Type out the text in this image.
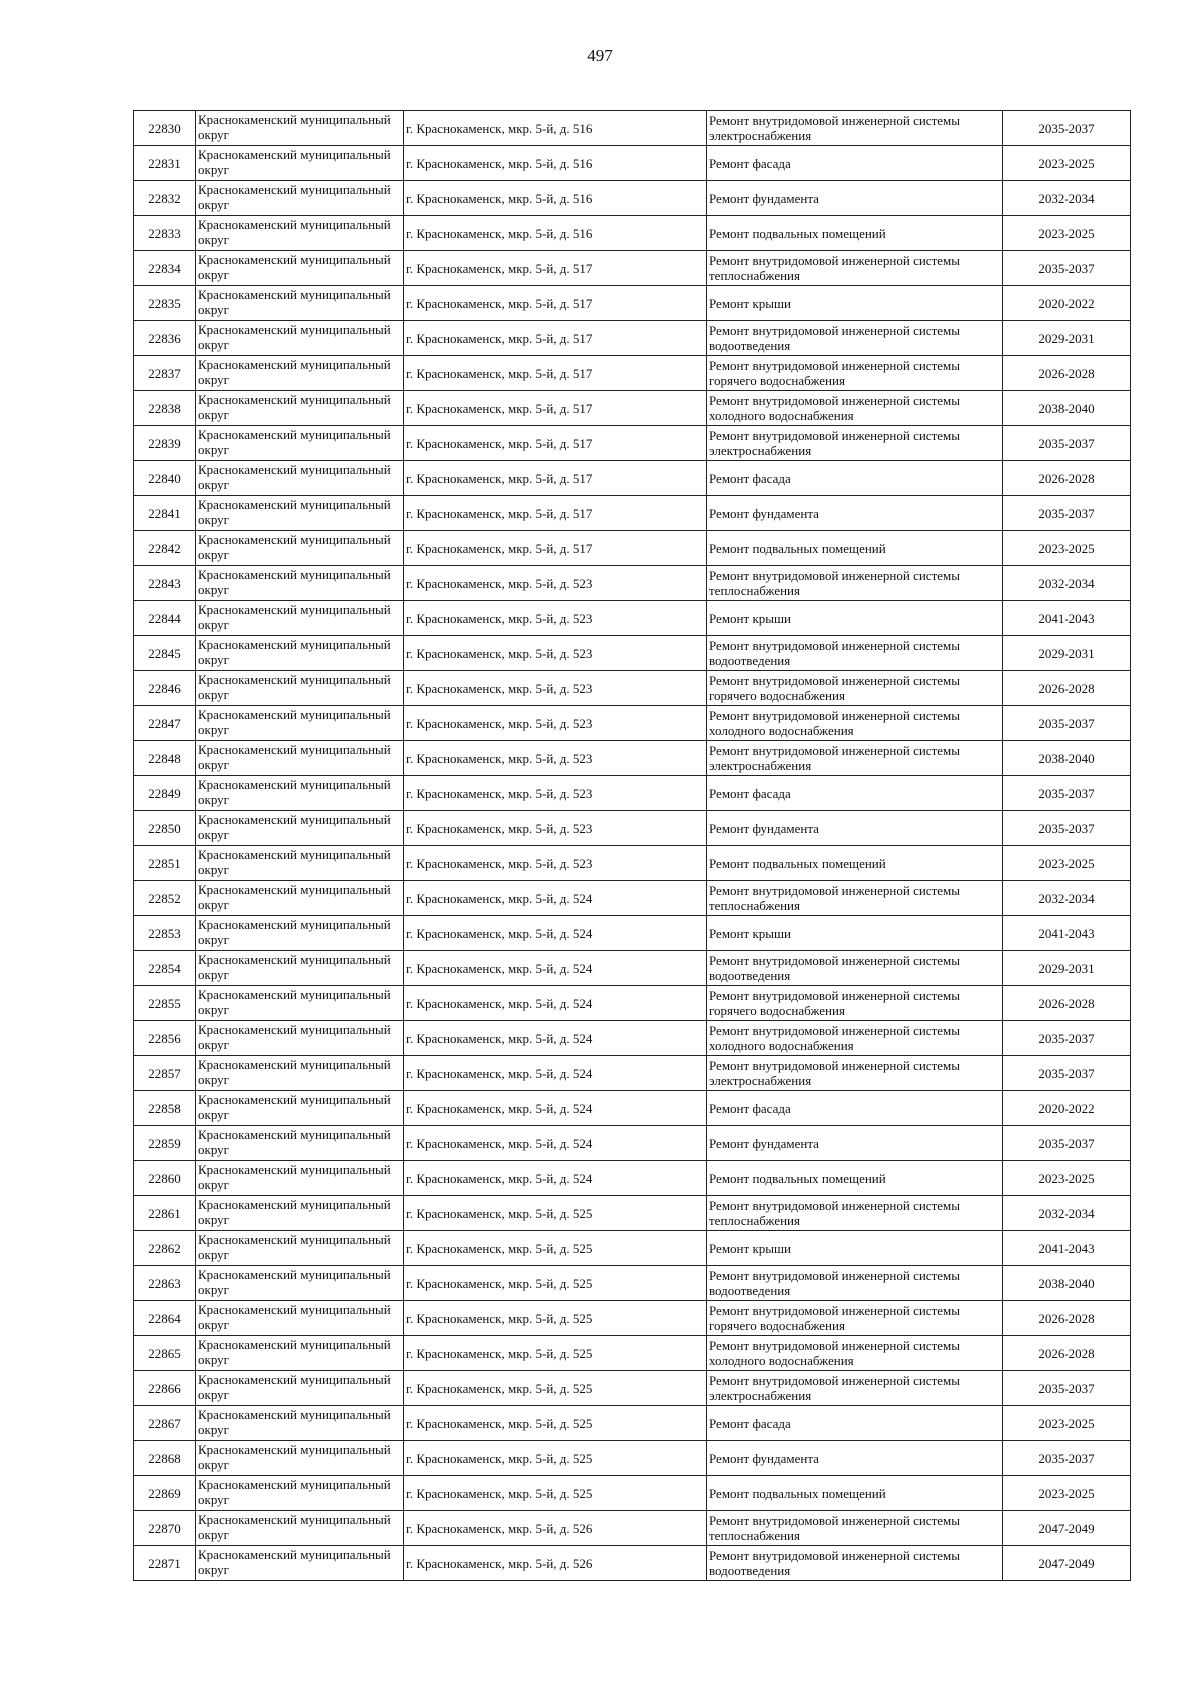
497
22830	Краснокаменский муниципальный округ	г. Краснокаменск, мкр. 5-й, д. 516	Ремонт внутридомовой инженерной системы электроснабжения	2035-2037
22831	Краснокаменский муниципальный округ	г. Краснокаменск, мкр. 5-й, д. 516	Ремонт фасада	2023-2025
22832	Краснокаменский муниципальный округ	г. Краснокаменск, мкр. 5-й, д. 516	Ремонт фундамента	2032-2034
22833	Краснокаменский муниципальный округ	г. Краснокаменск, мкр. 5-й, д. 516	Ремонт подвальных помещений	2023-2025
22834	Краснокаменский муниципальный округ	г. Краснокаменск, мкр. 5-й, д. 517	Ремонт внутридомовой инженерной системы теплоснабжения	2035-2037
22835	Краснокаменский муниципальный округ	г. Краснокаменск, мкр. 5-й, д. 517	Ремонт крыши	2020-2022
22836	Краснокаменский муниципальный округ	г. Краснокаменск, мкр. 5-й, д. 517	Ремонт внутридомовой инженерной системы водоотведения	2029-2031
22837	Краснокаменский муниципальный округ	г. Краснокаменск, мкр. 5-й, д. 517	Ремонт внутридомовой инженерной системы горячего водоснабжения	2026-2028
22838	Краснокаменский муниципальный округ	г. Краснокаменск, мкр. 5-й, д. 517	Ремонт внутридомовой инженерной системы холодного водоснабжения	2038-2040
22839	Краснокаменский муниципальный округ	г. Краснокаменск, мкр. 5-й, д. 517	Ремонт внутридомовой инженерной системы электроснабжения	2035-2037
22840	Краснокаменский муниципальный округ	г. Краснокаменск, мкр. 5-й, д. 517	Ремонт фасада	2026-2028
22841	Краснокаменский муниципальный округ	г. Краснокаменск, мкр. 5-й, д. 517	Ремонт фундамента	2035-2037
22842	Краснокаменский муниципальный округ	г. Краснокаменск, мкр. 5-й, д. 517	Ремонт подвальных помещений	2023-2025
22843	Краснокаменский муниципальный округ	г. Краснокаменск, мкр. 5-й, д. 523	Ремонт внутридомовой инженерной системы теплоснабжения	2032-2034
22844	Краснокаменский муниципальный округ	г. Краснокаменск, мкр. 5-й, д. 523	Ремонт крыши	2041-2043
22845	Краснокаменский муниципальный округ	г. Краснокаменск, мкр. 5-й, д. 523	Ремонт внутридомовой инженерной системы водоотведения	2029-2031
22846	Краснокаменский муниципальный округ	г. Краснокаменск, мкр. 5-й, д. 523	Ремонт внутридомовой инженерной системы горячего водоснабжения	2026-2028
22847	Краснокаменский муниципальный округ	г. Краснокаменск, мкр. 5-й, д. 523	Ремонт внутридомовой инженерной системы холодного водоснабжения	2035-2037
22848	Краснокаменский муниципальный округ	г. Краснокаменск, мкр. 5-й, д. 523	Ремонт внутридомовой инженерной системы электроснабжения	2038-2040
22849	Краснокаменский муниципальный округ	г. Краснокаменск, мкр. 5-й, д. 523	Ремонт фасада	2035-2037
22850	Краснокаменский муниципальный округ	г. Краснокаменск, мкр. 5-й, д. 523	Ремонт фундамента	2035-2037
22851	Краснокаменский муниципальный округ	г. Краснокаменск, мкр. 5-й, д. 523	Ремонт подвальных помещений	2023-2025
22852	Краснокаменский муниципальный округ	г. Краснокаменск, мкр. 5-й, д. 524	Ремонт внутридомовой инженерной системы теплоснабжения	2032-2034
22853	Краснокаменский муниципальный округ	г. Краснокаменск, мкр. 5-й, д. 524	Ремонт крыши	2041-2043
22854	Краснокаменский муниципальный округ	г. Краснокаменск, мкр. 5-й, д. 524	Ремонт внутридомовой инженерной системы водоотведения	2029-2031
22855	Краснокаменский муниципальный округ	г. Краснокаменск, мкр. 5-й, д. 524	Ремонт внутридомовой инженерной системы горячего водоснабжения	2026-2028
22856	Краснокаменский муниципальный округ	г. Краснокаменск, мкр. 5-й, д. 524	Ремонт внутридомовой инженерной системы холодного водоснабжения	2035-2037
22857	Краснокаменский муниципальный округ	г. Краснокаменск, мкр. 5-й, д. 524	Ремонт внутридомовой инженерной системы электроснабжения	2035-2037
22858	Краснокаменский муниципальный округ	г. Краснокаменск, мкр. 5-й, д. 524	Ремонт фасада	2020-2022
22859	Краснокаменский муниципальный округ	г. Краснокаменск, мкр. 5-й, д. 524	Ремонт фундамента	2035-2037
22860	Краснокаменский муниципальный округ	г. Краснокаменск, мкр. 5-й, д. 524	Ремонт подвальных помещений	2023-2025
22861	Краснокаменский муниципальный округ	г. Краснокаменск, мкр. 5-й, д. 525	Ремонт внутридомовой инженерной системы теплоснабжения	2032-2034
22862	Краснокаменский муниципальный округ	г. Краснокаменск, мкр. 5-й, д. 525	Ремонт крыши	2041-2043
22863	Краснокаменский муниципальный округ	г. Краснокаменск, мкр. 5-й, д. 525	Ремонт внутридомовой инженерной системы водоотведения	2038-2040
22864	Краснокаменский муниципальный округ	г. Краснокаменск, мкр. 5-й, д. 525	Ремонт внутридомовой инженерной системы горячего водоснабжения	2026-2028
22865	Краснокаменский муниципальный округ	г. Краснокаменск, мкр. 5-й, д. 525	Ремонт внутридомовой инженерной системы холодного водоснабжения	2026-2028
22866	Краснокаменский муниципальный округ	г. Краснокаменск, мкр. 5-й, д. 525	Ремонт внутридомовой инженерной системы электроснабжения	2035-2037
22867	Краснокаменский муниципальный округ	г. Краснокаменск, мкр. 5-й, д. 525	Ремонт фасада	2023-2025
22868	Краснокаменский муниципальный округ	г. Краснокаменск, мкр. 5-й, д. 525	Ремонт фундамента	2035-2037
22869	Краснокаменский муниципальный округ	г. Краснокаменск, мкр. 5-й, д. 525	Ремонт подвальных помещений	2023-2025
22870	Краснокаменский муниципальный округ	г. Краснокаменск, мкр. 5-й, д. 526	Ремонт внутридомовой инженерной системы теплоснабжения	2047-2049
22871	Краснокаменский муниципальный округ	г. Краснокаменск, мкр. 5-й, д. 526	Ремонт внутридомовой инженерной системы водоотведения	2047-2049
